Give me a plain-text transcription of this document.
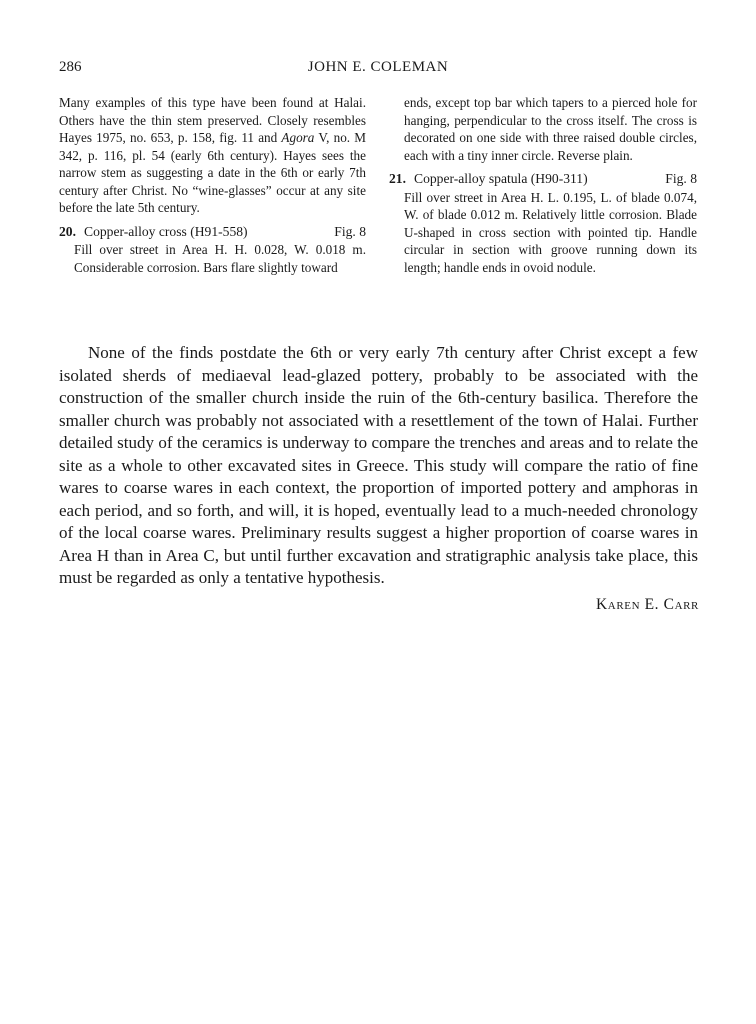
286	JOHN E. COLEMAN

Many examples of this type have been found at Halai. Others have the thin stem preserved. Closely resembles Hayes 1975, no. 653, p. 158, fig. 11 and Agora V, no. M 342, p. 116, pl. 54 (early 6th century). Hayes sees the narrow stem as suggesting a date in the 6th or early 7th century after Christ. No “wine-glasses” occur at any site before the late 5th century.

20. Copper-alloy cross (H91-558)	Fig. 8

Fill over street in Area H. H. 0.028, W. 0.018 m. Considerable corrosion. Bars flare slightly toward

ends, except top bar which tapers to a pierced hole for hanging, perpendicular to the cross itself. The cross is decorated on one side with three raised double circles, each with a tiny inner circle. Reverse plain.

21. Copper-alloy spatula (H90-311)	Fig. 8

Fill over street in Area H. L. 0.195, L. of blade 0.074, W. of blade 0.012 m. Relatively little corrosion. Blade U-shaped in cross section with pointed tip. Handle circular in section with groove running down its length; handle ends in ovoid nodule.

None of the finds postdate the 6th or very early 7th century after Christ except a few isolated sherds of mediaeval lead-glazed pottery, probably to be associated with the construction of the smaller church inside the ruin of the 6th-century basilica. Therefore the smaller church was probably not associated with a resettlement of the town of Halai. Further detailed study of the ceramics is underway to compare the trenches and areas and to relate the site as a whole to other excavated sites in Greece. This study will compare the ratio of fine wares to coarse wares in each context, the proportion of imported pottery and amphoras in each period, and so forth, and will, it is hoped, eventually lead to a much-needed chronology of the local coarse wares. Preliminary results suggest a higher proportion of coarse wares in Area H than in Area C, but until further excavation and stratigraphic analysis take place, this must be regarded as only a tentative hypothesis.

Karen E. Carr
